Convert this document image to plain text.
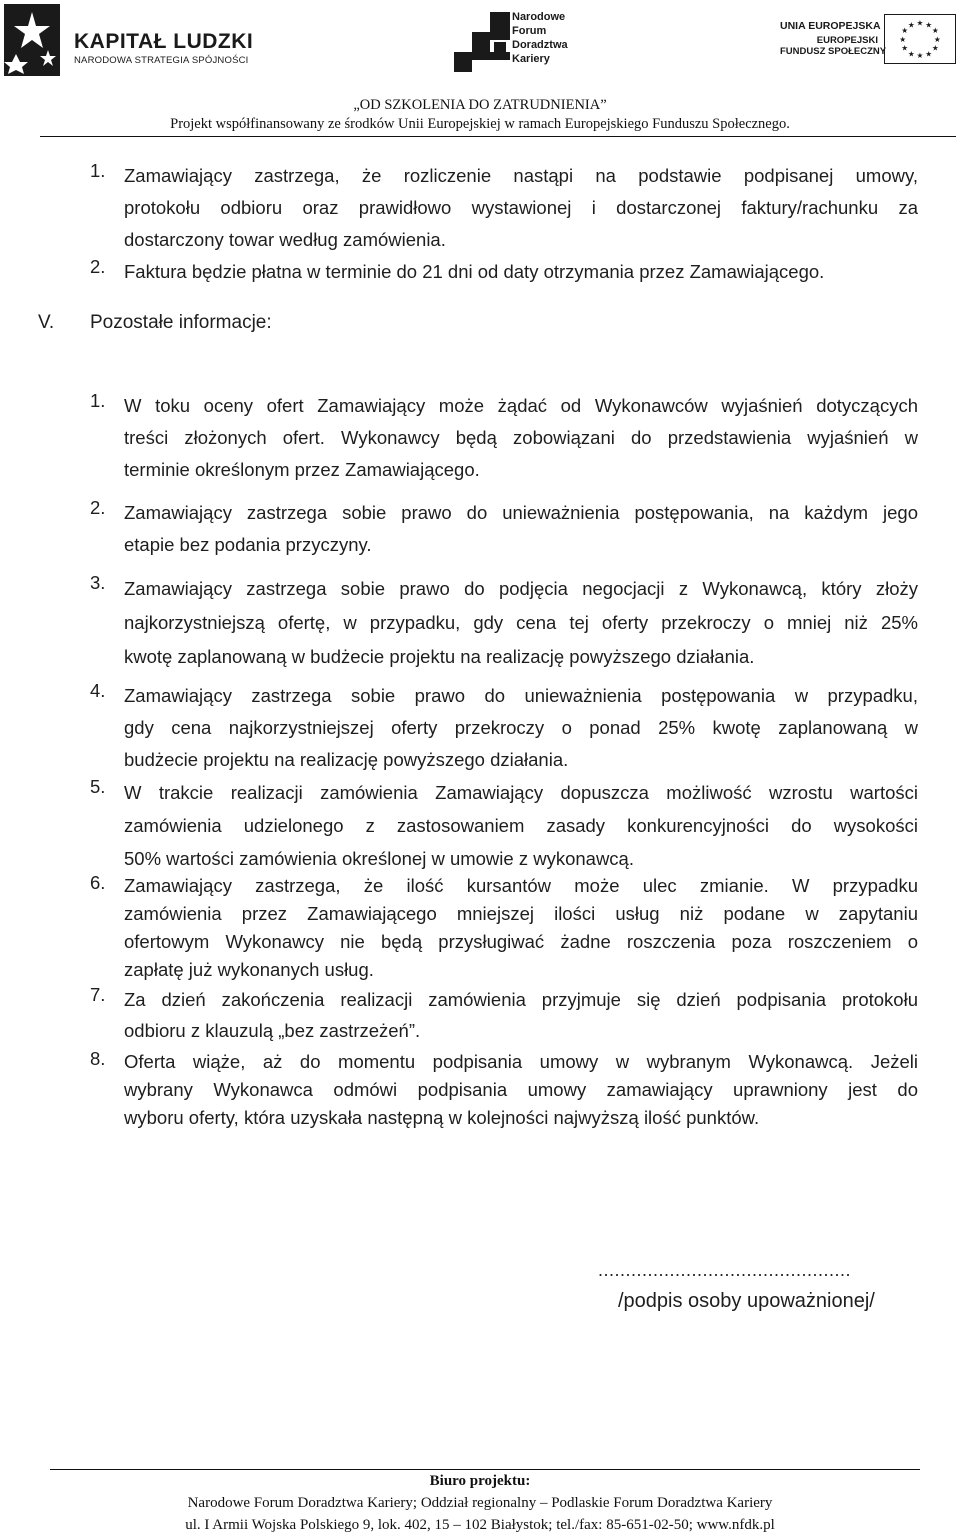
KAPITAŁ LUDZKI
NARODOWA STRATEGIA SPÓJNOŚCI
Narodowe
Forum
Doradztwa
Kariery
UNIA EUROPEJSKA
EUROPEJSKI
FUNDUSZ SPOŁECZNY
★ ★
★
★
★
★
★
★
★
★
★
★
„OD SZKOLENIA DO ZATRUDNIENIA”
Projekt współfinansowany ze środków Unii Europejskiej w ramach Europejskiego Funduszu Społecznego.
1. Zamawiający zastrzega, że rozliczenie nastąpi na podstawie podpisanej umowy,
protokołu odbioru oraz prawidłowo wystawionej i dostarczonej faktury/rachunku za
dostarczony towar według zamówienia.
2. Faktura będzie płatna w terminie do 21 dni od daty otrzymania przez Zamawiającego.
V. Pozostałe informacje:
1. W toku oceny ofert Zamawiający może żądać od Wykonawców wyjaśnień dotyczących
treści złożonych ofert. Wykonawcy będą zobowiązani do przedstawienia wyjaśnień w
terminie określonym przez Zamawiającego.
2. Zamawiający zastrzega sobie prawo do unieważnienia postępowania, na każdym jego
etapie bez podania przyczyny.
3. Zamawiający zastrzega sobie prawo do podjęcia negocjacji z Wykonawcą, który złoży
najkorzystniejszą ofertę, w przypadku, gdy cena tej oferty przekroczy o mniej niż 25%
kwotę zaplanowaną w budżecie projektu na realizację powyższego działania.
4. Zamawiający zastrzega sobie prawo do unieważnienia postępowania w przypadku,
gdy cena najkorzystniejszej oferty przekroczy o ponad 25% kwotę zaplanowaną w
budżecie projektu na realizację powyższego działania.
5. W trakcie realizacji zamówienia Zamawiający dopuszcza możliwość wzrostu wartości
zamówienia udzielonego z zastosowaniem zasady konkurencyjności do wysokości
50% wartości zamówienia określonej w umowie z wykonawcą.
6. Zamawiający zastrzega, że ilość kursantów może ulec zmianie. W przypadku
zamówienia przez Zamawiającego mniejszej ilości usług niż podane w zapytaniu
ofertowym Wykonawcy nie będą przysługiwać żadne roszczenia poza roszczeniem o
zapłatę już wykonanych usług.
7. Za dzień zakończenia realizacji zamówienia przyjmuje się dzień podpisania protokołu
odbioru z klauzulą „bez zastrzeżeń”.
8. Oferta wiąże, aż do momentu podpisania umowy w wybranym Wykonawcą. Jeżeli
wybrany Wykonawca odmówi podpisania umowy zamawiający uprawniony jest do
wyboru oferty, która uzyskała następną w kolejności najwyższą ilość punktów.
..............................................
/podpis osoby upoważnionej/
Biuro projektu:
Narodowe Forum Doradztwa Kariery; Oddział regionalny – Podlaskie Forum Doradztwa Kariery
ul. I Armii Wojska Polskiego 9, lok. 402, 15 – 102 Białystok; tel./fax: 85-651-02-50; www.nfdk.pl
